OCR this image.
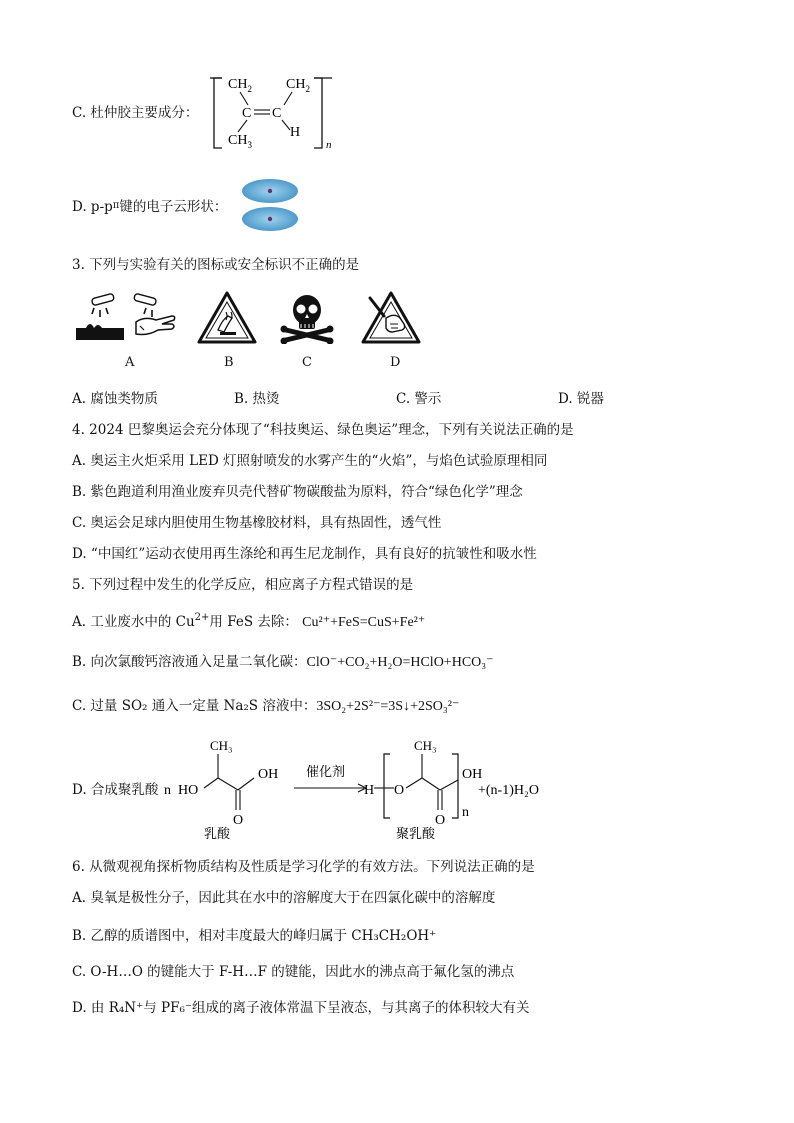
C. 杜仲胶主要成分：
$CH_2$ $CH_2$
C C
$CH_3$
H
n
D. $p-p^\pi$键的电子云形状：
3. 下列与实验有关的图标或安全标识不正确的是
A	B	C	D
A. 腐蚀类物质	B. 热烫	C. 警示	D. 锐器
4. 2024 巴黎奥运会充分体现了“科技奥运、绿色奥运”理念，下列有关说法正确的是
A. 奥运主火炬采用 LED 灯照射喷发的水雾产生的“火焰”，与焰色试验原理相同
B. 紫色跑道利用渔业废弃贝壳代替矿物碳酸盐为原料，符合“绿色化学”理念
C. 奥运会足球内胆使用生物基橡胶材料，具有热固性，透气性
D. “中国红”运动衣使用再生涤纶和再生尼龙制作，具有良好的抗皱性和吸水性
5. 下列过程中发生的化学反应，相应离子方程式错误的是
A. 工业废水中的 $Cu^{2+}$用 FeS 去除： Cu²⁺+FeS=CuS+Fe²⁺
B. 向次氯酸钙溶液通入足量二氧化碳：ClO⁻+CO₂+H₂O=HClO+HCO₃⁻
C. 过量 SO₂ 通入一定量 Na₂S 溶液中：3SO₂+2S²⁻=3S↓+2SO₃²⁻
D. 合成聚乳酸 n HO
CH₃
OH
O
乳酸
催化剂
H O
CH₃
O
OH
n
+(n-1)H₂O
聚乳酸
6. 从微观视角探析物质结构及性质是学习化学的有效方法。下列说法正确的是
A. 臭氧是极性分子，因此其在水中的溶解度大于在四氯化碳中的溶解度
B. 乙醇的质谱图中，相对丰度最大的峰归属于 CH₃CH₂OH⁺
C. O-H…O 的键能大于 F-H…F 的键能，因此水的沸点高于氟化氢的沸点
D. 由 R₄N⁺与 PF₆⁻组成的离子液体常温下呈液态，与其离子的体积较大有关
